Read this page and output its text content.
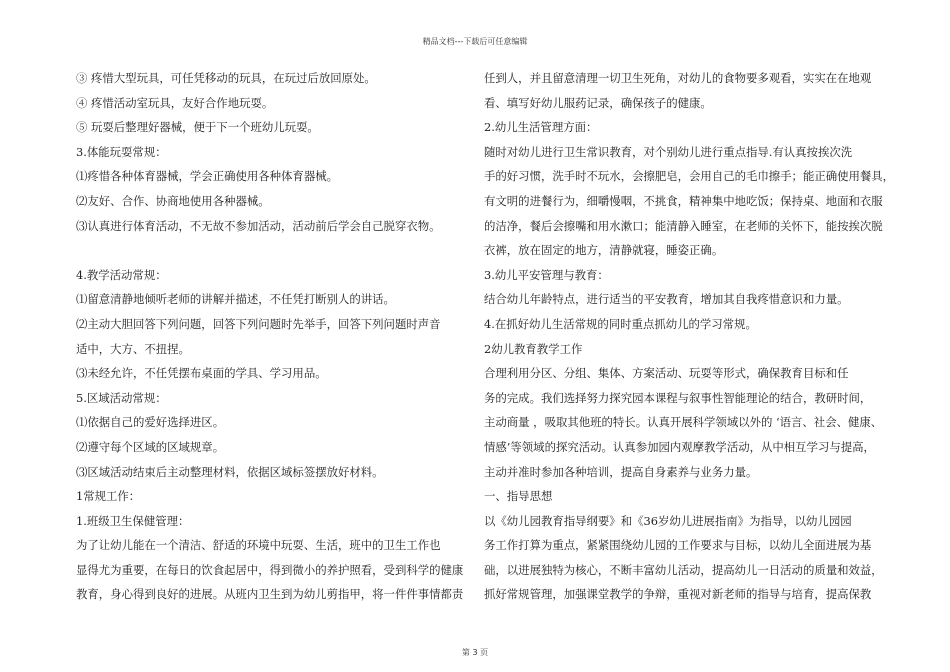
精品文档---下载后可任意编辑

③ 疼惜大型玩具，可任凭移动的玩具，在玩过后放回原处。

④ 疼惜活动室玩具，友好合作地玩耍。

⑤ 玩耍后整理好器械，便于下一个班幼儿玩耍。

3.体能玩耍常规：

⑴疼惜各种体育器械，学会正确使用各种体育器械。

⑵友好、合作、协商地使用各种器械。

⑶认真进行体育活动，不无故不参加活动，活动前后学会自己脱穿衣物。

4.教学活动常规：

⑴留意清静地倾听老师的讲解并描述，不任凭打断别人的讲话。

⑵主动大胆回答下列问题，回答下列问题时先举手，回答下列问题时声音

适中，大方、不扭捏。

⑶未经允许，不任凭摆布桌面的学具、学习用品。

5.区域活动常规：

⑴依据自己的爱好选择进区。

⑵遵守每个区域的区域规章。

⑶区域活动结束后主动整理材料，依据区域标签摆放好材料。

1常规工作：

1.班级卫生保健管理：

为了让幼儿能在一个清洁、舒适的环境中玩耍、生活，班中的卫生工作也

显得尤为重要，在每日的饮食起居中，得到微小的养护照看，受到科学的健康

教育，身心得到良好的进展。从班内卫生到为幼儿剪指甲，将一件件事情都责

任到人，并且留意清理一切卫生死角，对幼儿的食物要多观看，实实在在地观

看、填写好幼儿服药记录，确保孩子的健康。

2.幼儿生活管理方面：

随时对幼儿进行卫生常识教育，对个别幼儿进行重点指导.有认真按挨次洗

手的好习惯，洗手时不玩水，会擦肥皂，会用自己的毛巾擦手；能正确使用餐具，

有文明的进餐行为，细嚼慢咽，不挑食，精神集中地吃饭；保持桌、地面和衣服

的洁净，餐后会擦嘴和用水漱口；能清静入睡室，在老师的关怀下，能按挨次脱

衣裤，放在固定的地方，清静就寝，睡姿正确。

3.幼儿平安管理与教育：

结合幼儿年龄特点，进行适当的平安教育，增加其自我疼惜意识和力量。

4.在抓好幼儿生活常规的同时重点抓幼儿的学习常规。

2幼儿教育教学工作

合理利用分区、分组、集体、方案活动、玩耍等形式，确保教育目标和任

务的完成。我们选择努力探究园本课程与叙事性智能理论的结合，教研时间，

主动商量 ，吸取其他班的特长。认真开展科学领域以外的 ‘语言、社会、健康、

情感’等领域的探究活动。认真参加园内观摩教学活动，从中相互学习与提高，

主动并准时参加各种培训，提高自身素养与业务力量。

一、指导思想

以《幼儿园教育指导纲要》和《36岁幼儿进展指南》为指导，以幼儿园园

务工作打算为重点，紧紧围绕幼儿园的工作要求与目标，以幼儿全面进展为基

础，以进展独特为核心，不断丰富幼儿活动，提高幼儿一日活动的质量和效益，

抓好常规管理，加强课堂教学的争辩，重视对新老师的指导与培育，提高保教

第 3 页
